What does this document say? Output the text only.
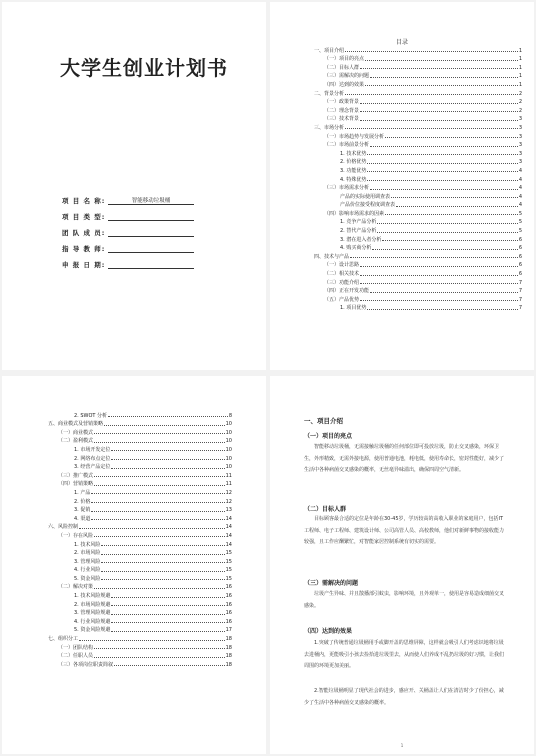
大学生创业计划书
项 目 名 称:	智能移动垃圾桶
项 目 类 型:
团 队 成 员:
指 导 教 师:
申 报 日 期:
目录
一、项目介绍	1
（一）项目的亮点	1
（二）目标人群	1
（三）需解决的问题	1
（四）达到的效果	1
二、背景分析	2
（一）政策背景	2
（二）理念背景	2
（三）技术背景	3
三、市场分析	3
（一）市场趋势与发展分析	3
（二）市场前景分析	3
1. 技术优势	3
2. 价格优势	3
3. 功能优势	4
4. 特殊优势	4
（三）市场需求分析	4
产品的实际使用调查表	4
产品价位接受程度调查表	4
（四）影响市场需求的因素	5
1. 竞争产品分析	5
2. 替代产品分析	5
3. 潜在进入者分析	6
4. 购买商分析	6
四、技术与产品	6
（一）设计思路	6
（二）相关技术	6
（三）功能介绍	7
（四）正在开发功能	7
（五）产品优势	7
1. 项目优势	7
2. SWOT 分析	8
五、商业模式及营销策略	10
（一）商业模式	10
（二）盈利模式	10
1. 市场开发定位	10
2. 网络布点定位	10
3. 经营产品定位	10
（三）推广模式	11
（四）营销策略	11
1. 产品	12
2. 价格	12
3. 促销	13
4. 渠道	14
六、风险控制	14
（一）存在风险	14
1. 技术风险	14
2. 市场风险	15
3. 管理风险	15
4. 行业风险	15
5. 资金风险	15
（二）解决对策	16
1. 技术风险规避	16
2. 市场风险规避	16
3. 管理风险规避	16
4. 行业风险规避	16
5. 资金风险规避	17
七、组织分工	18
（一）团队结构	18
（二）任职人员	18
（三）各项岗位职责简叙	18
一、项目介绍
（一）项目的亮点
智能移动垃圾桶，无需接触垃圾桶的任何部位即可投放垃圾，防止交叉感染，环保卫生，外形精致，无需外接电源，使用普通电池，耗电低，使用寿命长，密封性能好，减少了生活中各种病菌交叉感染的概率，无丝毫异味溢出，确保四周空气清新。
（二）目标人群
目标顾客最合适的定位是年龄在30-45岁，学历较高的高收入职业的家庭用户，包括IT工程师、电子工程师、建筑设计师、公司高管人员、高校教师，他们对新鲜事物的接收能力较强，且工作应酬繁忙，对智能家居控制系统有切实的需要。
（三）需解决的问题
垃圾产生异味、并且散播部引蚊虫，影响环境，且外观单一，使用是容易造成细菌交叉感染。
（四）达到的效果
1.突破了传统普通垃圾桶用手或脚开盖的思维屏障，这样就会吸引人们考虑识地将垃圾去进桶内，更能吸引小孩去捡拾进垃圾里去，从而使人们养成不乱扔垃圾的好习惯，让我们周围的环境更加美丽。
2.智能垃圾桶明显了现代社会的进步，感应开、关桶盖让人们在清洁时少了份担心，减少了生活中各种病菌交叉感染的概率。
1
